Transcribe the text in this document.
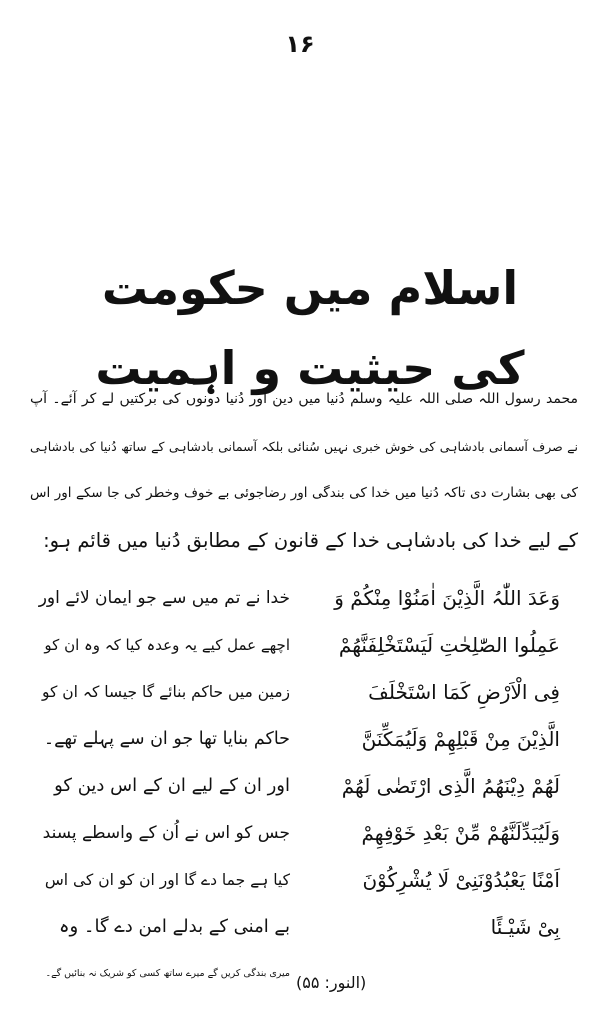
۱۶
اسلام میں حکومت کی حیثیت و اہمیت
محمد رسول اللہ صلی اللہ علیہ وسلم دُنیا میں دین اور دُنیا دونوں کی برکتیں لے کر آئے۔ آپ
نے صرف آسمانی بادشاہی کی خوش خبری نہیں سُنائی بلکہ آسمانی بادشاہی کے ساتھ دُنیا کی بادشاہی
کی بھی بشارت دی تاکہ دُنیا میں خدا کی بندگی اور رضاجوئی بے خوف وخطر کی جا سکے اور اس
کے لیے خدا کی بادشاہی خدا کے قانون کے مطابق دُنیا میں قائم ہو:
وَعَدَ اللّٰہُ الَّذِیْنَ اٰمَنُوْا مِنْکُمْ وَ
خدا نے تم میں سے جو ایمان لائے اور
عَمِلُوا الصّٰلِحٰتِ لَیَسْتَخْلِفَنَّھُمْ
اچھے عمل کیے یہ وعدہ کیا کہ وہ ان کو
فِی الْاَرْضِ کَمَا اسْتَخْلَفَ
زمین میں حاکم بنائے گا جیسا کہ ان کو
الَّذِیْنَ مِنْ قَبْلِھِمْ وَلَیُمَکِّنَنَّ
حاکم بنایا تھا جو ان سے پہلے تھے۔
لَھُمْ دِیْنَھُمُ الَّذِی ارْتَضٰی لَھُمْ
اور ان کے لیے ان کے اس دین کو
وَلَیُبَدِّلَنَّھُمْ مِّنْ بَعْدِ خَوْفِھِمْ
جس کو اس نے اُن کے واسطے پسند
اَمْنًا یَعْبُدُوْنَنِیْ لَا یُشْرِکُوْنَ
کیا ہے جما دے گا اور ان کو ان کی اس
بِیْ شَیْـئًا
بے امنی کے بدلے امن دے گا۔ وہ
میری بندگی کریں گے میرے ساتھ کسی کو شریک نہ بنائیں گے۔ (النور: ۵۵)
